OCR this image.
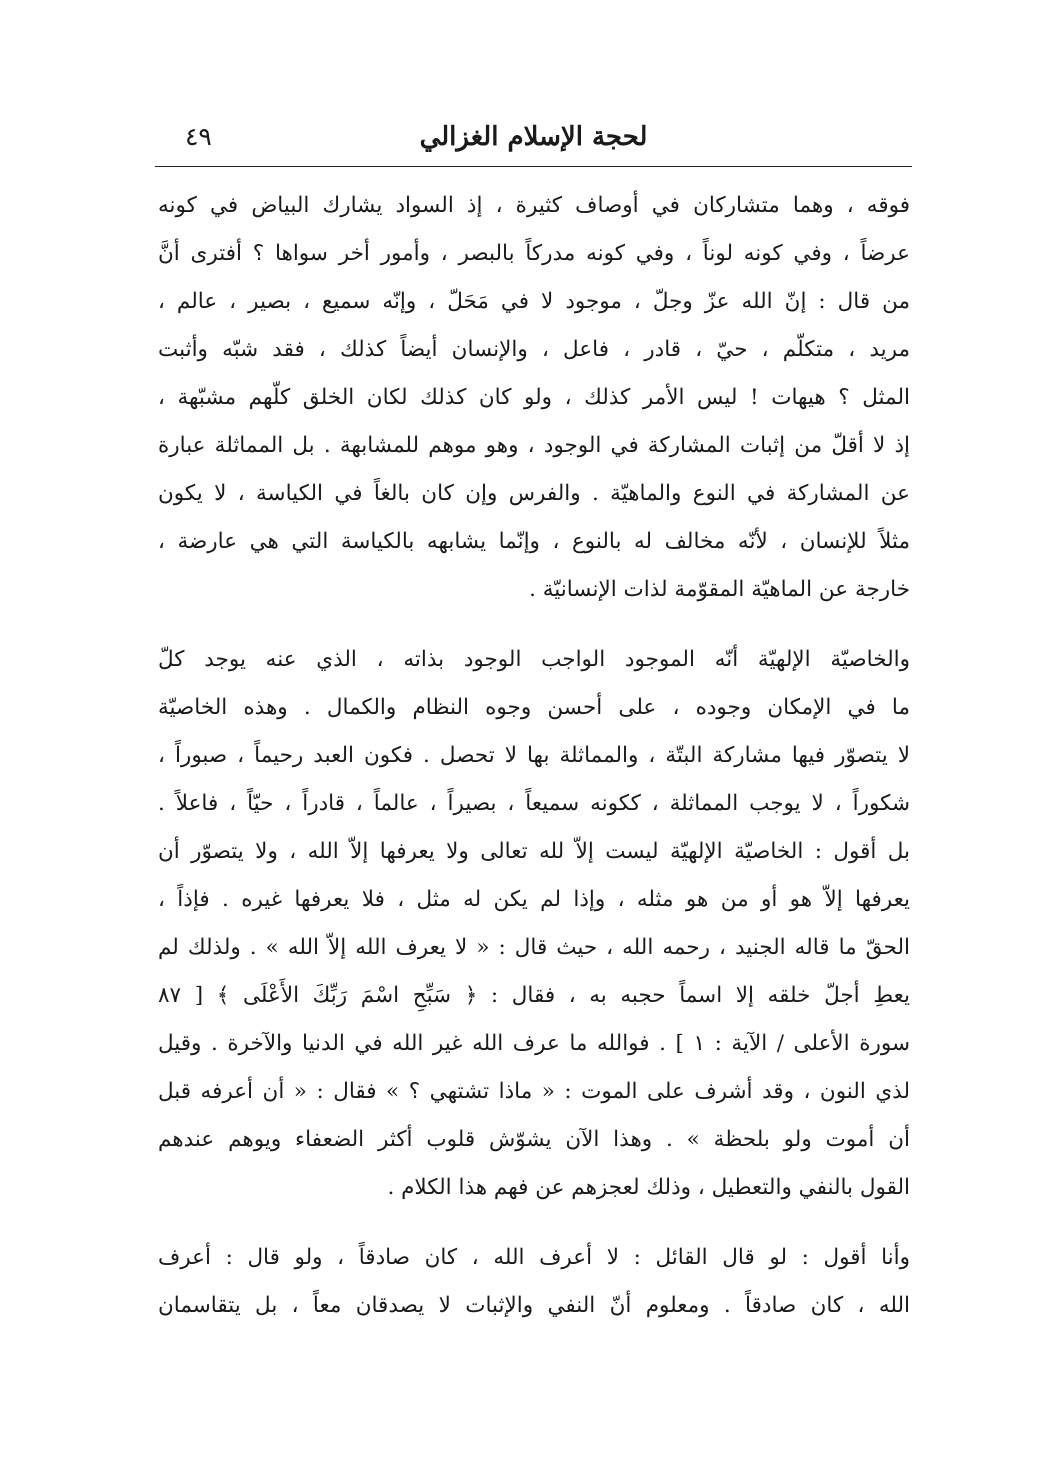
لحجة الإسلام الغزالي
٤٩
فوقه ، وهما متشاركان في أوصاف كثيرة ، إذ السواد يشارك البياض في كونه
عرضاً ، وفي كونه لوناً ، وفي كونه مدركاً بالبصر ، وأمور أخر سواها ؟ أفترى أنَّ
من قال : إنّ الله عزّ وجلّ ، موجود لا في مَحَلّ ، وإنّه سميع ، بصير ، عالم ،
مريد ، متكلّم ، حيّ ، قادر ، فاعل ، والإنسان أيضاً كذلك ، فقد شبّه وأثبت
المثل ؟ هيهات ! ليس الأمر كذلك ، ولو كان كذلك لكان الخلق كلّهم مشبّهة ،
إذ لا أقلّ من إثبات المشاركة في الوجود ، وهو موهم للمشابهة . بل المماثلة عبارة
عن المشاركة في النوع والماهيّة . والفرس وإن كان بالغاً في الكياسة ، لا يكون
مثلاً للإنسان ، لأنّه مخالف له بالنوع ، وإنّما يشابهه بالكياسة التي هي عارضة ،
خارجة عن الماهيّة المقوّمة لذات الإنسانيّة .
والخاصيّة الإلهيّة أنّه الموجود الواجب الوجود بذاته ، الذي عنه يوجد كلّ
ما في الإمكان وجوده ، على أحسن وجوه النظام والكمال . وهذه الخاصيّة
لا يتصوّر فيها مشاركة البتّة ، والمماثلة بها لا تحصل . فكون العبد رحيماً ، صبوراً ،
شكوراً ، لا يوجب المماثلة ، ككونه سميعاً ، بصيراً ، عالماً ، قادراً ، حيّاً ، فاعلاً .
بل أقول : الخاصيّة الإلهيّة ليست إلاّ لله تعالى ولا يعرفها إلاّ الله ، ولا يتصوّر أن
يعرفها إلاّ هو أو من هو مثله ، وإذا لم يكن له مثل ، فلا يعرفها غيره . فإذاً ،
الحقّ ما قاله الجنيد ، رحمه الله ، حيث قال : « لا يعرف الله إلاّ الله » . ولذلك لم
يعطِ أجلّ خلقه إلا اسماً حجبه به ، فقال : ﴿ سَبِّحِ اسْمَ رَبِّكَ الأَعْلَى ﴾ [ ٨٧
سورة الأعلى / الآية : ١ ] . فوالله ما عرف الله غير الله في الدنيا والآخرة . وقيل
لذي النون ، وقد أشرف على الموت : « ماذا تشتهي ؟ » فقال : « أن أعرفه قبل
أن أموت ولو بلحظة » . وهذا الآن يشوّش قلوب أكثر الضعفاء ويوهم عندهم
القول بالنفي والتعطيل ، وذلك لعجزهم عن فهم هذا الكلام .
وأنا أقول : لو قال القائل : لا أعرف الله ، كان صادقاً ، ولو قال : أعرف
الله ، كان صادقاً . ومعلوم أنّ النفي والإثبات لا يصدقان معاً ، بل يتقاسمان
